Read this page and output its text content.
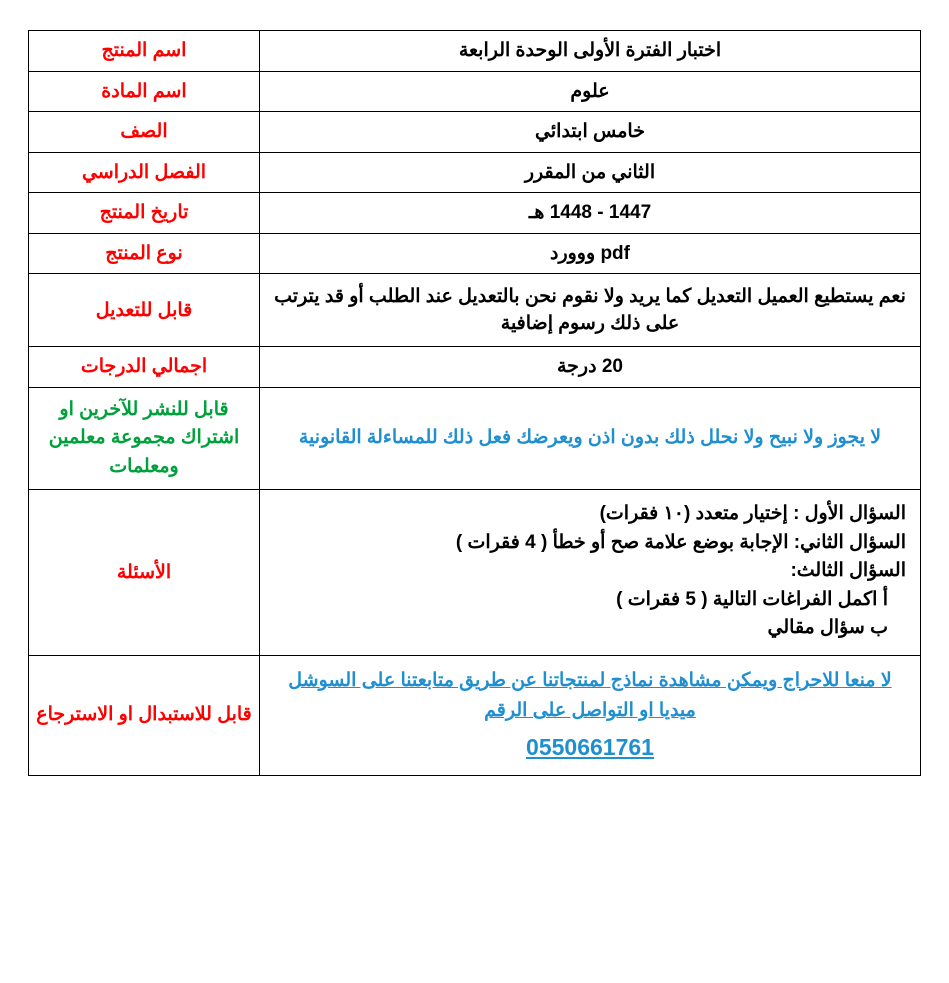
اختبار الفترة الأولى الوحدة الرابعة	اسم المنتج
علوم	اسم المادة
خامس ابتدائي	الصف
الثاني من المقرر	الفصل الدراسي
1447 - 1448 هـ	تاريخ المنتج
pdf ووورد	نوع المنتج
نعم يستطيع العميل التعديل كما يريد ولا نقوم نحن بالتعديل عند الطلب أو قد يترتب على ذلك رسوم إضافية	قابل للتعديل
20 درجة	اجمالي الدرجات
لا يجوز ولا نبيح ولا نحلل ذلك بدون اذن ويعرضك فعل ذلك للمساءلة القانونية	قابل للنشر للآخرين او اشتراك مجموعة معلمين ومعلمات

السؤال الأول : إختيار متعدد (١٠ فقرات)
السؤال الثاني: الإجابة بوضع علامة صح أو خطأ ( 4 فقرات )
السؤال الثالث:
أ اكمل الفراغات التالية ( 5 فقرات )
ب سؤال مقالي	الأسئلة
لا منعا للاحراج ويمكن مشاهدة نماذج لمنتجاتنا عن طريق متابعتنا على السوشل ميديا او التواصل على الرقم
0550661761	قابل للاستبدال او الاسترجاع
